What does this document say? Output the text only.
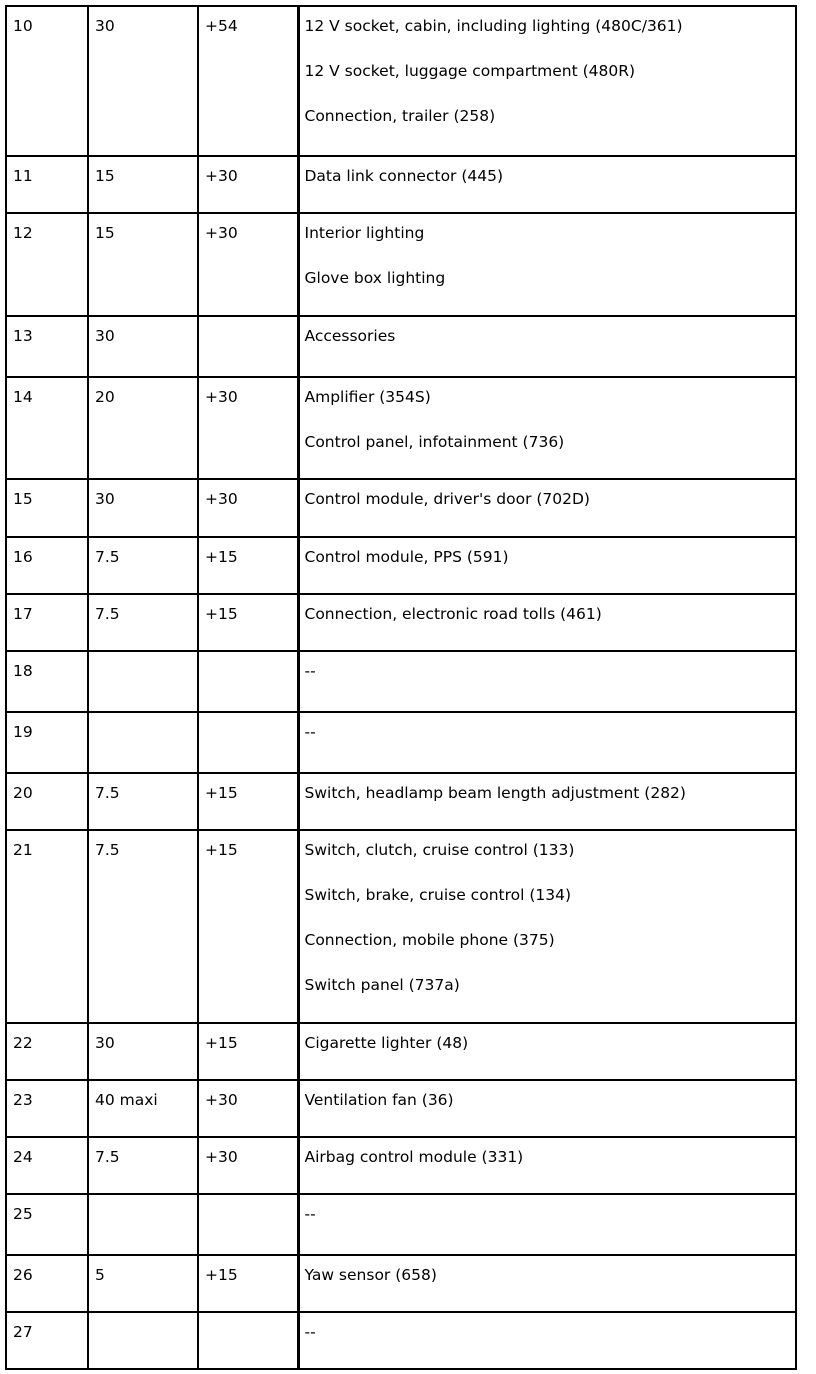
10	30	+54	12 V socket, cabin, including lighting (480C/361)
12 V socket, luggage compartment (480R)
Connection, trailer (258)

11	15	+30	Data link connector (445)

12	15	+30	Interior lighting
Glove box lighting

13	30		Accessories

14	20	+30	Amplifier (354S)
Control panel, infotainment (736)

15	30	+30	Control module, driver's door (702D)

16	7.5	+15	Control module, PPS (591)

17	7.5	+15	Connection, electronic road tolls (461)

18			--

19			--

20	7.5	+15	Switch, headlamp beam length adjustment (282)

21	7.5	+15	Switch, clutch, cruise control (133)
Switch, brake, cruise control (134)
Connection, mobile phone (375)
Switch panel (737a)

22	30	+15	Cigarette lighter (48)

23	40 maxi	+30	Ventilation fan (36)

24	7.5	+30	Airbag control module (331)

25			--

26	5	+15	Yaw sensor (658)

27			--
